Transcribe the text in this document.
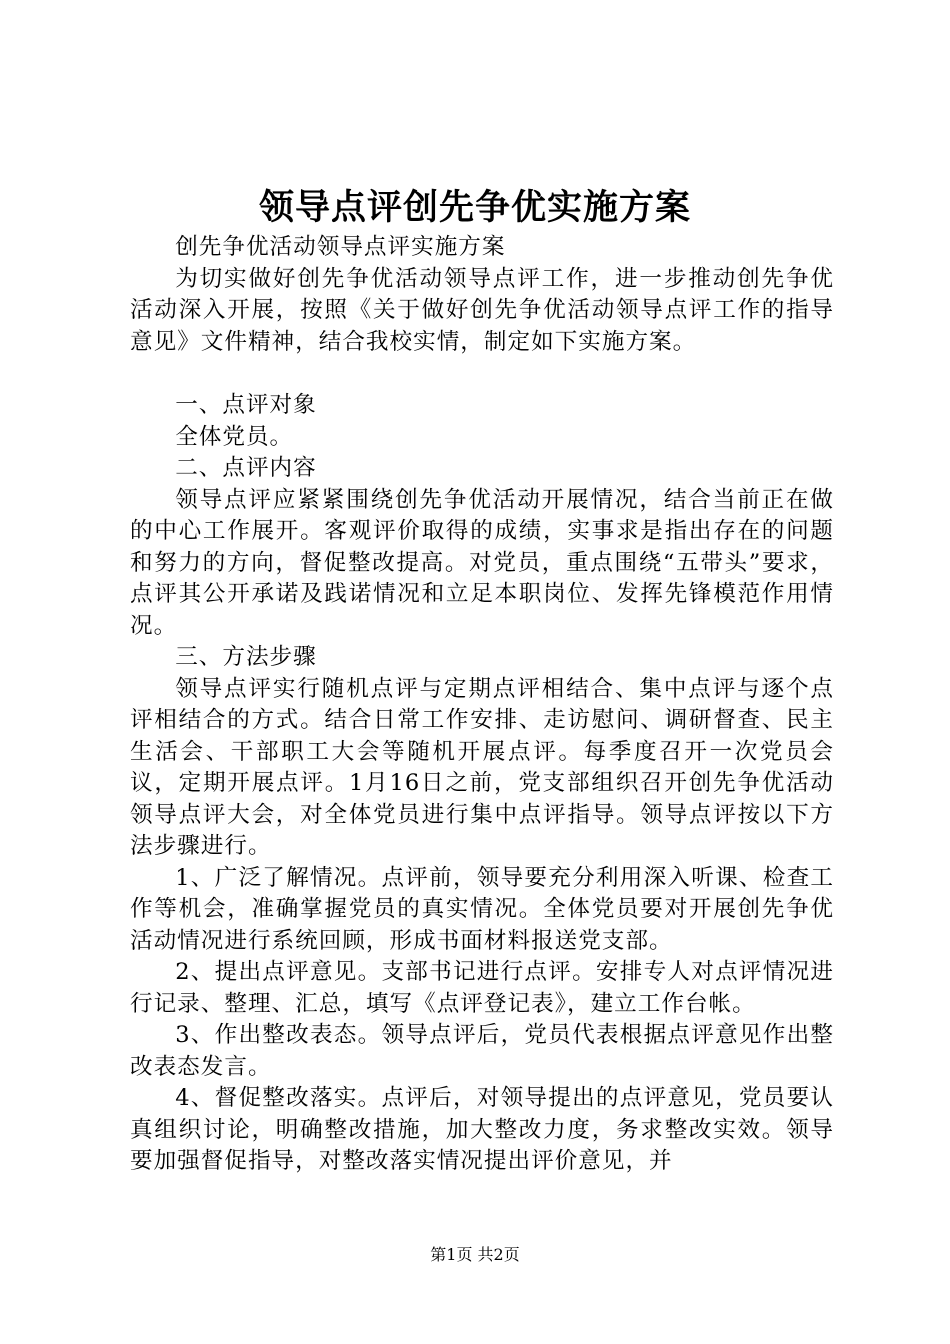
领导点评创先争优实施方案

创先争优活动领导点评实施方案

为切实做好创先争优活动领导点评工作，进一步推动创先争优活动深入开展，按照《关于做好创先争优活动领导点评工作的指导意见》文件精神，结合我校实情，制定如下实施方案。

一、点评对象

全体党员。

二、点评内容

领导点评应紧紧围绕创先争优活动开展情况，结合当前正在做的中心工作展开。客观评价取得的成绩，实事求是指出存在的问题和努力的方向，督促整改提高。对党员，重点围绕“五带头”要求，点评其公开承诺及践诺情况和立足本职岗位、发挥先锋模范作用情况。

三、方法步骤

领导点评实行随机点评与定期点评相结合、集中点评与逐个点评相结合的方式。结合日常工作安排、走访慰问、调研督查、民主生活会、干部职工大会等随机开展点评。每季度召开一次党员会议，定期开展点评。1月16日之前，党支部组织召开创先争优活动领导点评大会，对全体党员进行集中点评指导。领导点评按以下方法步骤进行。

1、广泛了解情况。点评前，领导要充分利用深入听课、检查工作等机会，准确掌握党员的真实情况。全体党员要对开展创先争优活动情况进行系统回顾，形成书面材料报送党支部。

2、提出点评意见。支部书记进行点评。安排专人对点评情况进行记录、整理、汇总，填写《点评登记表》，建立工作台帐。

3、作出整改表态。领导点评后，党员代表根据点评意见作出整改表态发言。

4、督促整改落实。点评后，对领导提出的点评意见，党员要认真组织讨论，明确整改措施，加大整改力度，务求整改实效。领导要加强督促指导，对整改落实情况提出评价意见，并

第1页 共2页
